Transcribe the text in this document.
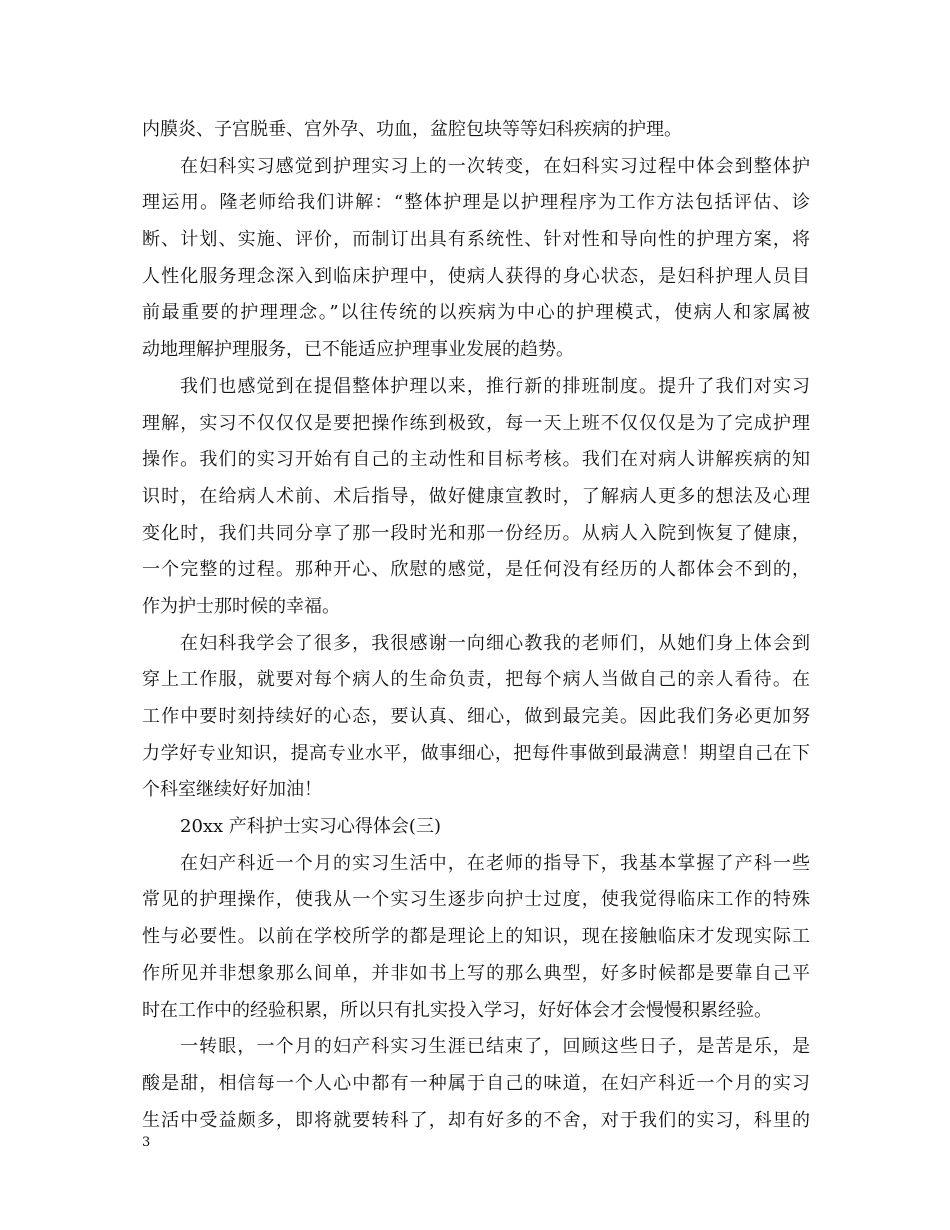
内膜炎、子宫脱垂、宫外孕、功血，盆腔包块等等妇科疾病的护理。
在妇科实习感觉到护理实习上的一次转变，在妇科实习过程中体会到整体护
理运用。隆老师给我们讲解：“整体护理是以护理程序为工作方法包括评估、诊
断、计划、实施、评价，而制订出具有系统性、针对性和导向性的护理方案，将
人性化服务理念深入到临床护理中，使病人获得的身心状态，是妇科护理人员目
前最重要的护理理念。”以往传统的以疾病为中心的护理模式，使病人和家属被
动地理解护理服务，已不能适应护理事业发展的趋势。
我们也感觉到在提倡整体护理以来，推行新的排班制度。提升了我们对实习
理解，实习不仅仅仅是要把操作练到极致，每一天上班不仅仅仅是为了完成护理
操作。我们的实习开始有自己的主动性和目标考核。我们在对病人讲解疾病的知
识时，在给病人术前、术后指导，做好健康宣教时，了解病人更多的想法及心理
变化时，我们共同分享了那一段时光和那一份经历。从病人入院到恢复了健康，
一个完整的过程。那种开心、欣慰的感觉，是任何没有经历的人都体会不到的，
作为护士那时候的幸福。
在妇科我学会了很多，我很感谢一向细心教我的老师们，从她们身上体会到
穿上工作服，就要对每个病人的生命负责，把每个病人当做自己的亲人看待。在
工作中要时刻持续好的心态，要认真、细心，做到最完美。因此我们务必更加努
力学好专业知识，提高专业水平，做事细心，把每件事做到最满意！期望自己在下
个科室继续好好加油！
20xx 产科护士实习心得体会(三)
在妇产科近一个月的实习生活中，在老师的指导下，我基本掌握了产科一些
常见的护理操作，使我从一个实习生逐步向护士过度，使我觉得临床工作的特殊
性与必要性。以前在学校所学的都是理论上的知识，现在接触临床才发现实际工
作所见并非想象那么间单，并非如书上写的那么典型，好多时候都是要靠自己平
时在工作中的经验积累，所以只有扎实投入学习，好好体会才会慢慢积累经验。
一转眼，一个月的妇产科实习生涯已结束了，回顾这些日子，是苦是乐，是
酸是甜，相信每一个人心中都有一种属于自己的味道，在妇产科近一个月的实习
生活中受益颇多，即将就要转科了，却有好多的不舍，对于我们的实习，科里的
3
